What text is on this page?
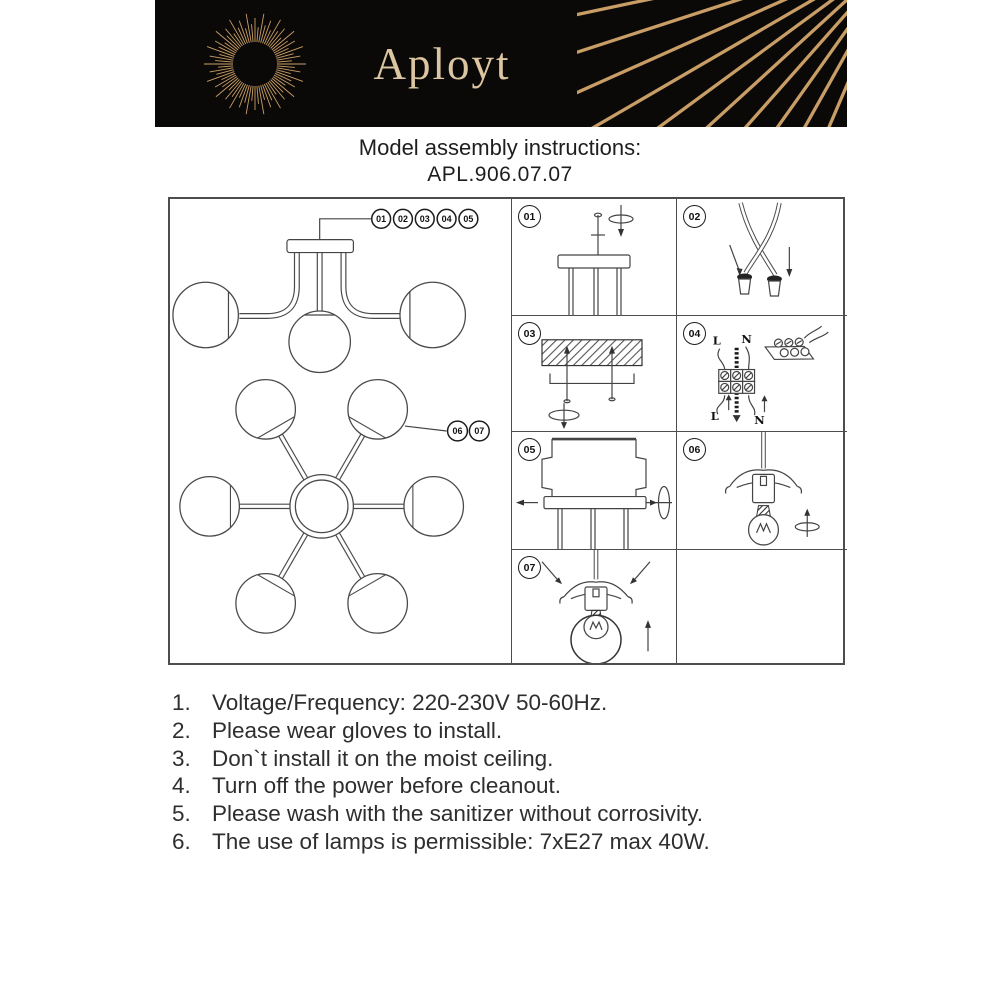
Aployt
Model assembly instructions:
APL.906.07.07
01 02 03 04 05
06 07
01	02
03	04
L N
L	N
05	06
07
1. Voltage/Frequency: 220-230V 50-60Hz.
2. Please wear gloves to install.
3. Don`t install it on the moist ceiling.
4. Turn off the power before cleanout.
5. Please wash with the sanitizer without corrosivity.
6. The use of lamps is permissible: 7xE27 max 40W.
